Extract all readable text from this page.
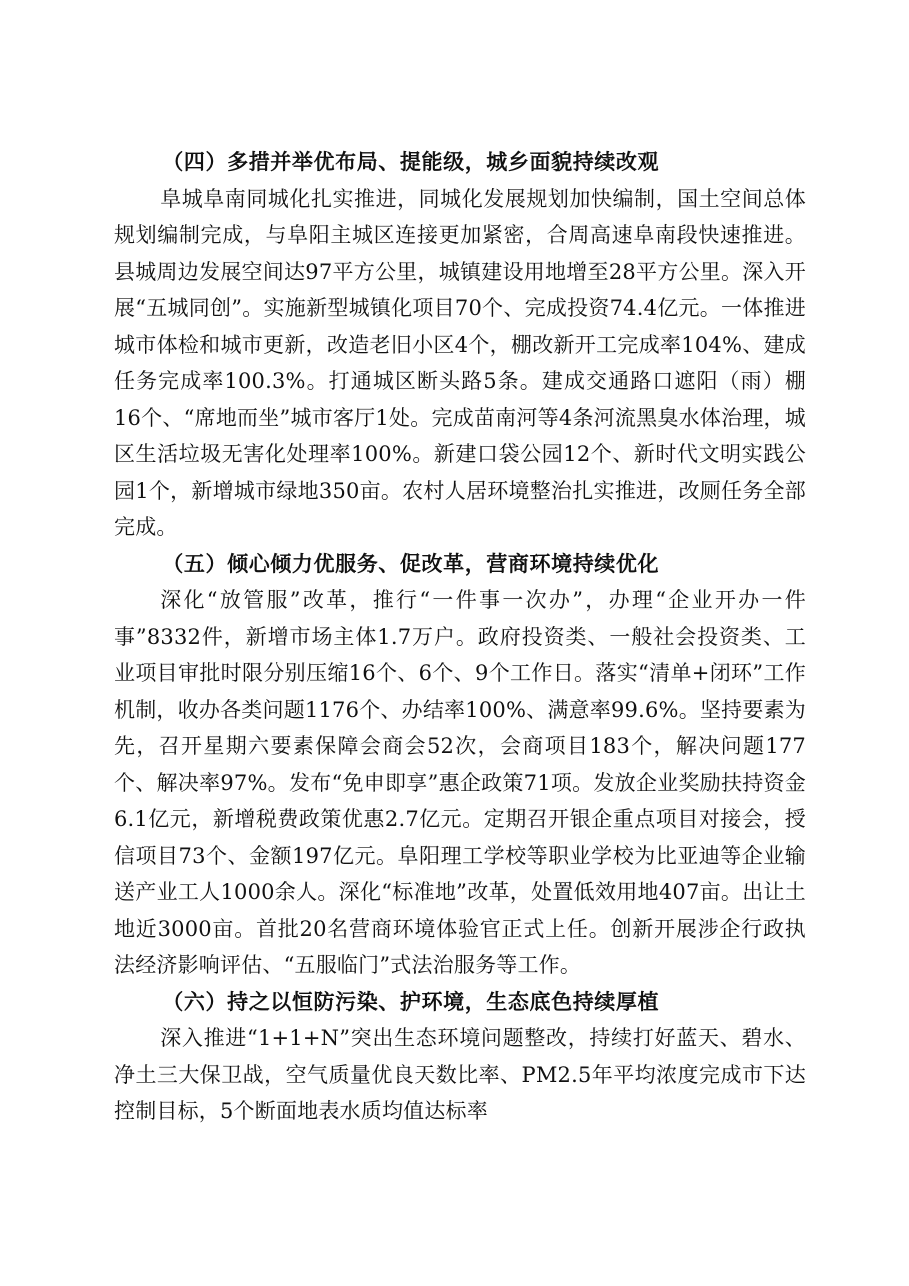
（四）多措并举优布局、提能级，城乡面貌持续改观

阜城阜南同城化扎实推进，同城化发展规划加快编制，国土空间总体规划编制完成，与阜阳主城区连接更加紧密，合周高速阜南段快速推进。县城周边发展空间达97平方公里，城镇建设用地增至28平方公里。深入开展“五城同创”。实施新型城镇化项目70个、完成投资74.4亿元。一体推进城市体检和城市更新，改造老旧小区4个，棚改新开工完成率104%、建成任务完成率100.3%。打通城区断头路5条。建成交通路口遮阳（雨）棚16个、“席地而坐”城市客厅1处。完成苗南河等4条河流黑臭水体治理，城区生活垃圾无害化处理率100%。新建口袋公园12个、新时代文明实践公园1个，新增城市绿地350亩。农村人居环境整治扎实推进，改厕任务全部完成。

（五）倾心倾力优服务、促改革，营商环境持续优化

深化“放管服”改革，推行“一件事一次办”，办理“企业开办一件事”8332件，新增市场主体1.7万户。政府投资类、一般社会投资类、工业项目审批时限分别压缩16个、6个、9个工作日。落实“清单+闭环”工作机制，收办各类问题1176个、办结率100%、满意率99.6%。坚持要素为先，召开星期六要素保障会商会52次，会商项目183个，解决问题177个、解决率97%。发布“免申即享”惠企政策71项。发放企业奖励扶持资金6.1亿元，新增税费政策优惠2.7亿元。定期召开银企重点项目对接会，授信项目73个、金额197亿元。阜阳理工学校等职业学校为比亚迪等企业输送产业工人1000余人。深化“标准地”改革，处置低效用地407亩。出让土地近3000亩。首批20名营商环境体验官正式上任。创新开展涉企行政执法经济影响评估、“五服临门”式法治服务等工作。

（六）持之以恒防污染、护环境，生态底色持续厚植

深入推进“1+1+N”突出生态环境问题整改，持续打好蓝天、碧水、净土三大保卫战，空气质量优良天数比率、PM2.5年平均浓度完成市下达控制目标，5个断面地表水质均值达标率
